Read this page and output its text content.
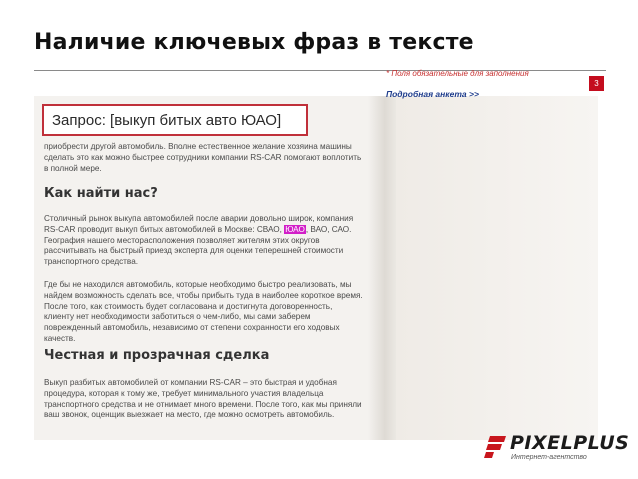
Наличие ключевых фраз в тексте
3
Запрос: [выкуп битых авто ЮАО]

приобрести другой автомобиль. Вполне естественное желание хозяина машины сделать это как можно быстрее сотрудники компании RS-CAR помогают воплотить в полной мере.

Как найти нас?

Столичный рынок выкупа автомобилей после аварии довольно широк, компания RS-CAR проводит выкуп битых автомобилей в Москве: СВАО, ЮАО, ВАО, САО. География нашего месторасположения позволяет жителям этих округов рассчитывать на быстрый приезд эксперта для оценки теперешней стоимости транспортного средства.

Где бы не находился автомобиль, которые необходимо быстро реализовать, мы найдем возможность сделать все, чтобы прибыть туда в наиболее короткое время. После того, как стоимость будет согласована и достигнута договоренность, клиенту нет необходимости заботиться о чем-либо, мы сами заберем поврежденный автомобиль, независимо от степени сохранности его ходовых качеств.

Честная и прозрачная сделка

Выкуп разбитых автомобилей от компании RS-CAR – это быстрая и удобная процедура, которая к тому же, требует минимального участия владельца транспортного средства и не отнимает много времени. После того, как мы приняли ваш звонок, оценщик выезжает на место, где можно осмотреть автомобиль.

* Поля обязательные для заполнения
Подробная анкета >>
PIXELPLUS
Интернет-агентство
